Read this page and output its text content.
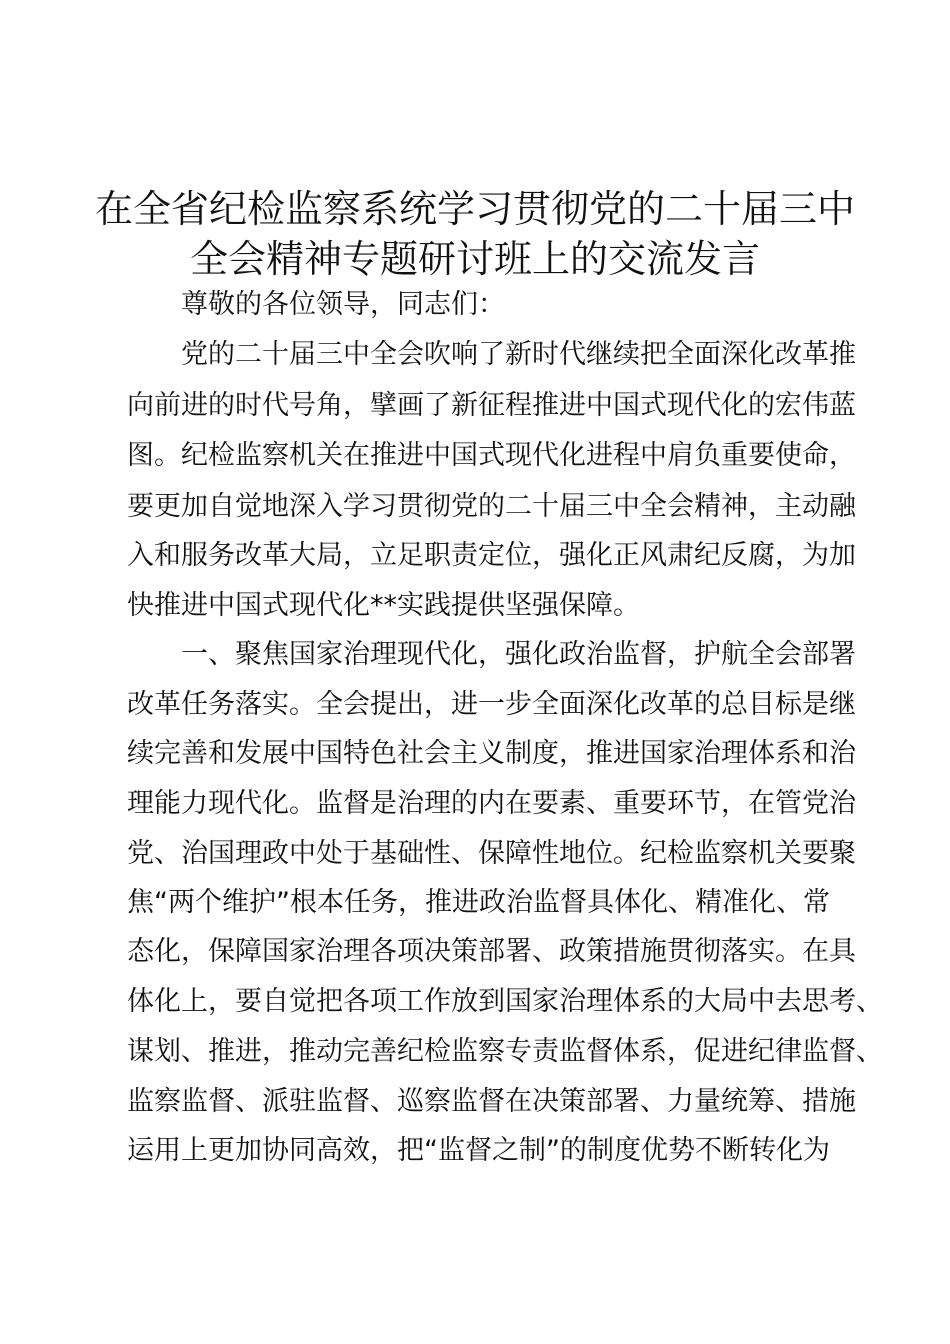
在全省纪检监察系统学习贯彻党的二十届三中
全会精神专题研讨班上的交流发言

尊敬的各位领导，同志们：

党的二十届三中全会吹响了新时代继续把全面深化改革推

向前进的时代号角，擘画了新征程推进中国式现代化的宏伟蓝

图。纪检监察机关在推进中国式现代化进程中肩负重要使命，

要更加自觉地深入学习贯彻党的二十届三中全会精神，主动融

入和服务改革大局，立足职责定位，强化正风肃纪反腐，为加

快推进中国式现代化**实践提供坚强保障。

一、聚焦国家治理现代化，强化政治监督，护航全会部署

改革任务落实。全会提出，进一步全面深化改革的总目标是继

续完善和发展中国特色社会主义制度，推进国家治理体系和治

理能力现代化。监督是治理的内在要素、重要环节，在管党治

党、治国理政中处于基础性、保障性地位。纪检监察机关要聚

焦“两个维护”根本任务，推进政治监督具体化、精准化、常

态化，保障国家治理各项决策部署、政策措施贯彻落实。在具

体化上，要自觉把各项工作放到国家治理体系的大局中去思考、

谋划、推进，推动完善纪检监察专责监督体系，促进纪律监督、

监察监督、派驻监督、巡察监督在决策部署、力量统筹、措施

运用上更加协同高效，把“监督之制”的制度优势不断转化为
